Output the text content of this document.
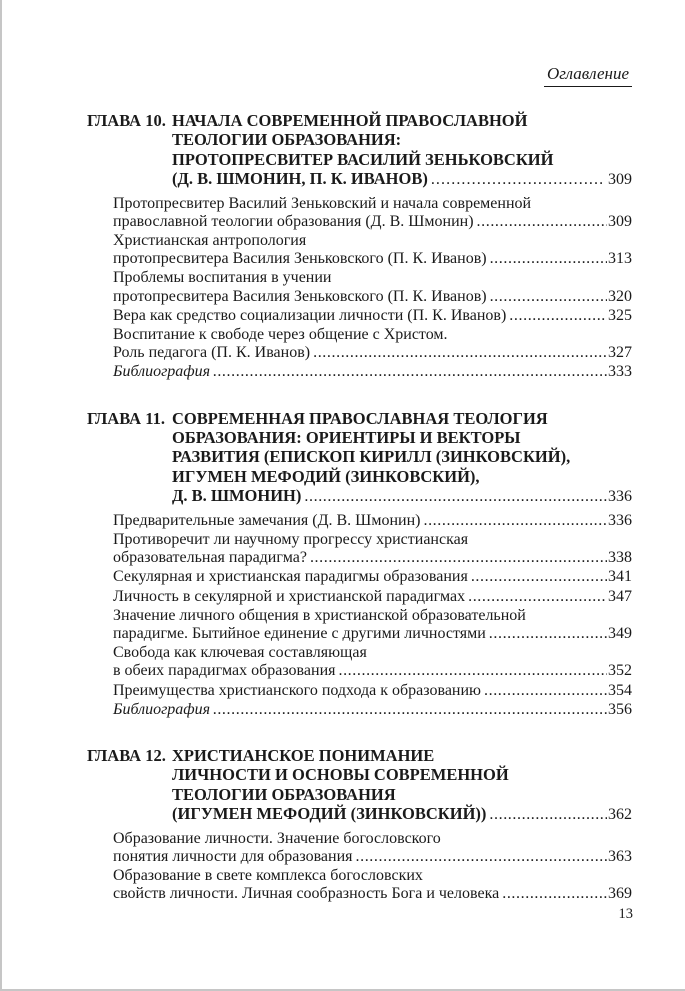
Оглавление
ГЛАВА 10. НАЧАЛА СОВРЕМЕННОЙ ПРАВОСЛАВНОЙ
ТЕОЛОГИИ ОБРАЗОВАНИЯ:
ПРОТОПРЕСВИТЕР ВАСИЛИЙ ЗЕНЬКОВСКИЙ
(Д. В. ШМОНИН, П. К. ИВАНОВ) .....	309
Протопресвитер Василий Зеньковский и начала современной
православной теологии образования (Д. В. Шмонин) .....	309
Христианская антропология
протопресвитера Василия Зеньковского (П. К. Иванов) .....	313
Проблемы воспитания в учении
протопресвитера Василия Зеньковского (П. К. Иванов) .....	320
Вера как средство социализации личности (П. К. Иванов) .....	325
Воспитание к свободе через общение с Христом.
Роль педагога (П. К. Иванов) .....	327
Библиография .....	333
ГЛАВА 11. СОВРЕМЕННАЯ ПРАВОСЛАВНАЯ ТЕОЛОГИЯ
ОБРАЗОВАНИЯ: ОРИЕНТИРЫ И ВЕКТОРЫ
РАЗВИТИЯ (ЕПИСКОП КИРИЛЛ (ЗИНКОВСКИЙ),
ИГУМЕН МЕФОДИЙ (ЗИНКОВСКИЙ),
Д. В. ШМОНИН) .....	336
Предварительные замечания (Д. В. Шмонин) .....	336
Противоречит ли научному прогрессу христианская
образовательная парадигма? .....	338
Секулярная и христианская парадигмы образования .....	341
Личность в секулярной и христианской парадигмах .....	347
Значение личного общения в христианской образовательной
парадигме. Бытийное единение с другими личностями .....	349
Свобода как ключевая составляющая
в обеих парадигмах образования .....	352
Преимущества христианского подхода к образованию .....	354
Библиография .....	356
ГЛАВА 12. ХРИСТИАНСКОЕ ПОНИМАНИЕ
ЛИЧНОСТИ И ОСНОВЫ СОВРЕМЕННОЙ
ТЕОЛОГИИ ОБРАЗОВАНИЯ
(ИГУМЕН МЕФОДИЙ (ЗИНКОВСКИЙ)) .....	362
Образование личности. Значение богословского
понятия личности для образования .....	363
Образование в свете комплекса богословских
свойств личности. Личная сообразность Бога и человека .....	369
13
